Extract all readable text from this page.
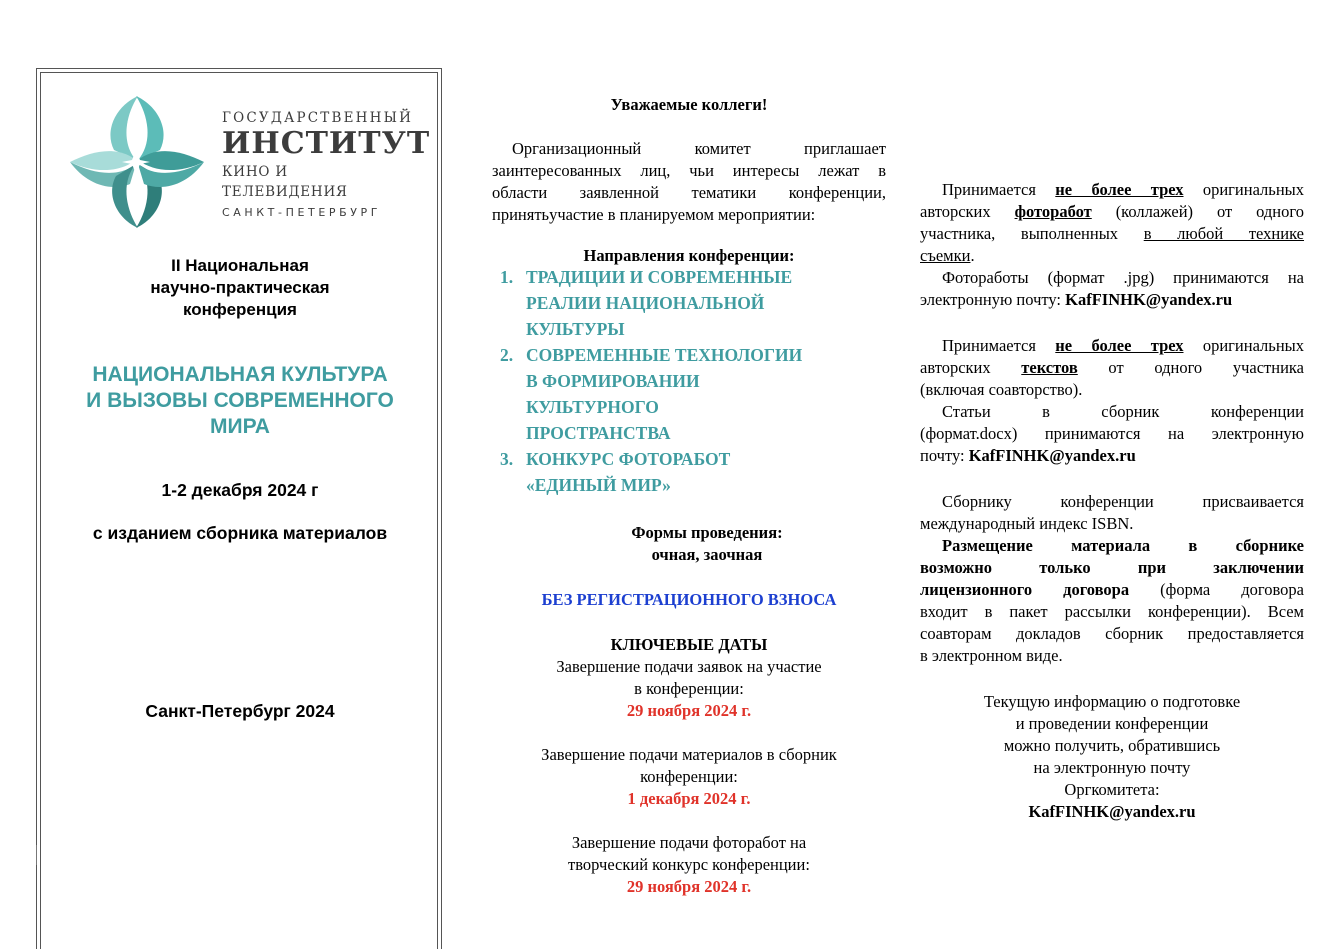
ГОСУДАРСТВЕННЫЙ
ИНСТИТУТ
КИНО И ТЕЛЕВИДЕНИЯ
САНКТ-ПЕТЕРБУРГ
II Национальная
научно-практическая
конференция
НАЦИОНАЛЬНАЯ КУЛЬТУРА
И ВЫЗОВЫ СОВРЕМЕННОГО
МИРА
1-2 декабря 2024 г
с изданием сборника материалов
Санкт-Петербург 2024
Уважаемые коллеги!
Организационный комитет приглашает
заинтересованных лиц, чьи интересы лежат в
области заявленной тематики конференции,
принятьучастие в планируемом мероприятии:
Направления конференции:
1. ТРАДИЦИИ И СОВРЕМЕННЫЕ
РЕАЛИИ НАЦИОНАЛЬНОЙ
КУЛЬТУРЫ
2. СОВРЕМЕННЫЕ ТЕХНОЛОГИИ
В ФОРМИРОВАНИИ
КУЛЬТУРНОГО
ПРОСТРАНСТВА
3. КОНКУРС ФОТОРАБОТ
«ЕДИНЫЙ МИР»
Формы проведения:
очная, заочная
БЕЗ РЕГИСТРАЦИОННОГО ВЗНОСА
КЛЮЧЕВЫЕ ДАТЫ
Завершение подачи заявок на участие
в конференции:
29 ноября 2024 г.
Завершение подачи материалов в сборник
конференции:
1 декабря 2024 г.
Завершение подачи фоторабот на
творческий конкурс конференции:
29 ноября 2024 г.
Принимается не более трех оригинальных
авторских фоторабот (коллажей) от одного
участника, выполненных в любой технике
съемки.
Фотоработы (формат .jpg) принимаются на
электронную почту: KafFINHK@yandex.ru
Принимается не более трех оригинальных
авторских текстов от одного участника
(включая соавторство).
Статьи в сборник конференции
(формат.docx) принимаются на электронную
почту: KafFINHK@yandex.ru
Сборнику конференции присваивается
международный индекс ISBN.
Размещение материала в сборнике
возможно только при заключении
лицензионного договора (форма договора
входит в пакет рассылки конференции). Всем
соавторам докладов сборник предоставляется
в электронном виде.
Текущую информацию о подготовке
и проведении конференции
можно получить, обратившись
на электронную почту
Оргкомитета:
KafFINHK@yandex.ru
